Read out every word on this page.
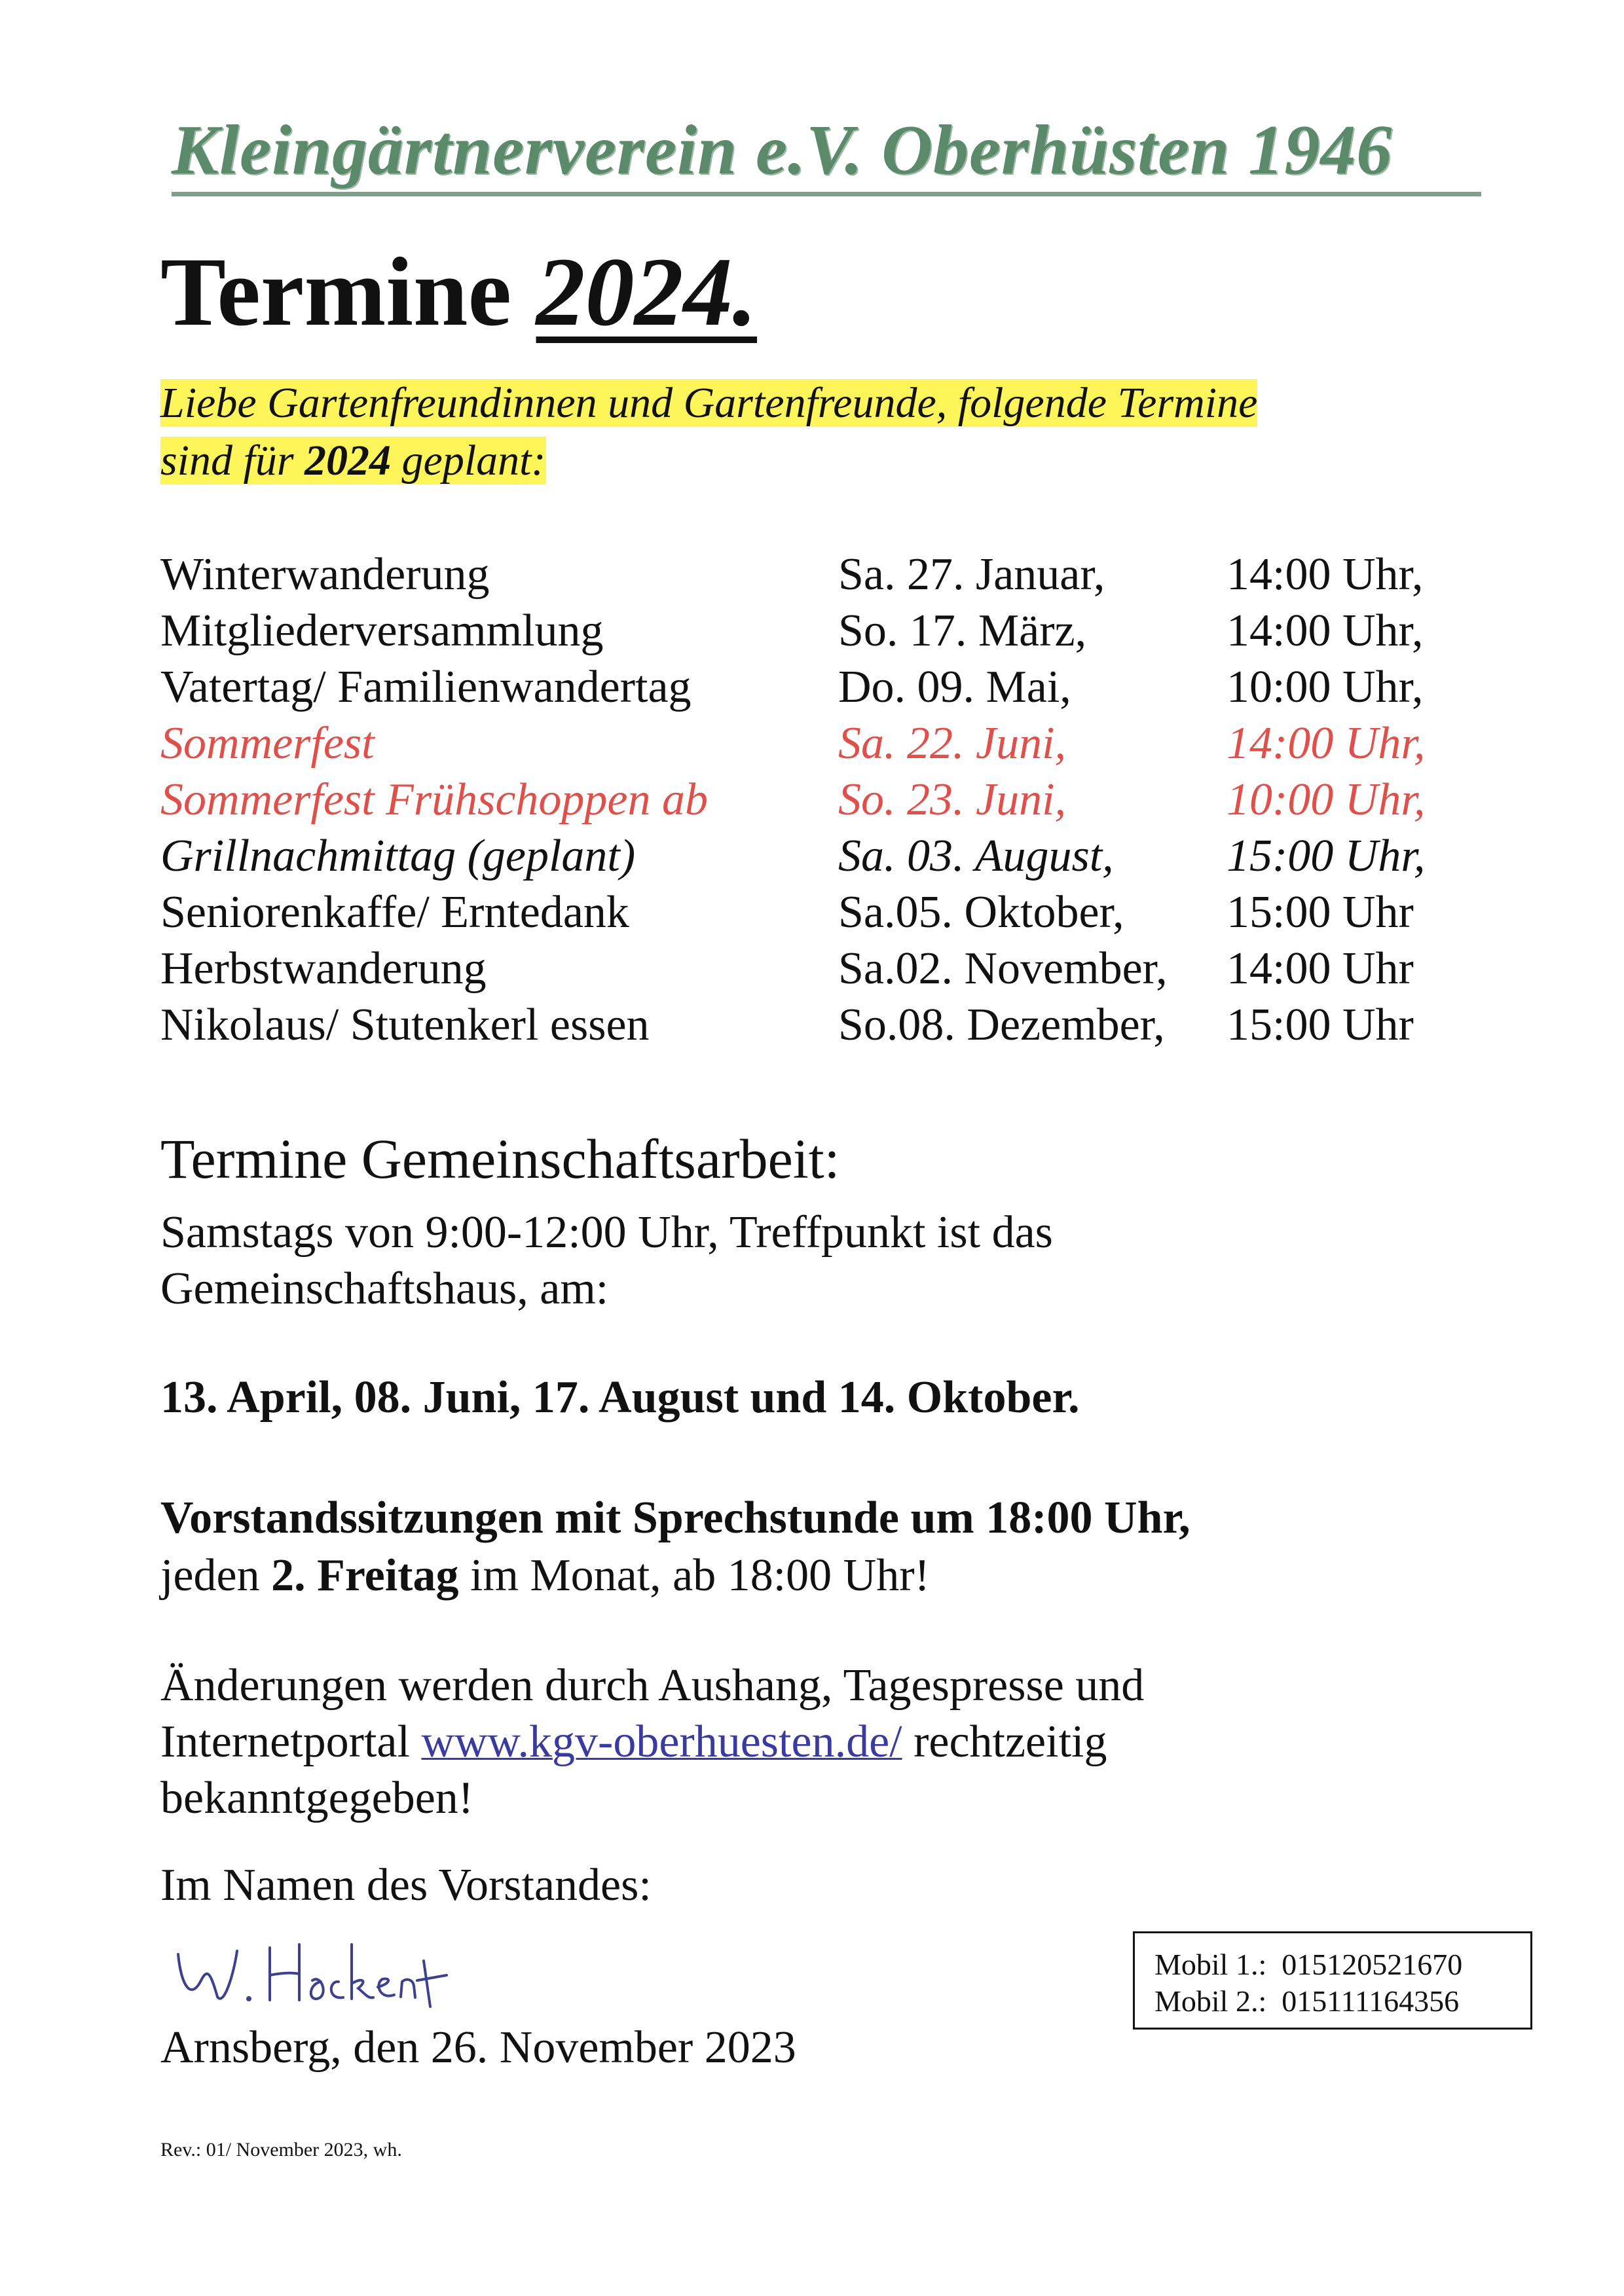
Kleingärtnerverein e.V. Oberhüsten 1946
Termine 2024.
Liebe Gartenfreundinnen und Gartenfreunde, folgende Termine
sind für 2024 geplant:
Winterwanderung	Sa. 27. Januar,	14:00 Uhr,
Mitgliederversammlung	So. 17. März,	14:00 Uhr,
Vatertag/ Familienwandertag	Do. 09. Mai,	10:00 Uhr,
Sommerfest	Sa. 22. Juni,	14:00 Uhr,
Sommerfest Frühschoppen ab	So. 23. Juni,	10:00 Uhr,
Grillnachmittag (geplant)	Sa. 03. August, 15:00 Uhr,
Seniorenkaffe/ Erntedank	Sa.05. Oktober, 15:00 Uhr
Herbstwanderung	Sa.02. November, 14:00 Uhr
Nikolaus/ Stutenkerl essen	So.08. Dezember, 15:00 Uhr
Termine Gemeinschaftsarbeit:
Samstags von 9:00-12:00 Uhr, Treffpunkt ist das
Gemeinschaftshaus, am:
13. April, 08. Juni, 17. August und 14. Oktober.
Vorstandssitzungen mit Sprechstunde um 18:00 Uhr,
jeden 2. Freitag im Monat, ab 18:00 Uhr!
Änderungen werden durch Aushang, Tagespresse und
Internetportal www.kgv-oberhuesten.de/ rechtzeitig
bekanntgegeben!
Im Namen des Vorstandes:
Arnsberg, den 26. November 2023
Mobil 1.: 015120521670
Mobil 2.: 015111164356
Rev.: 01/ November 2023, wh.
